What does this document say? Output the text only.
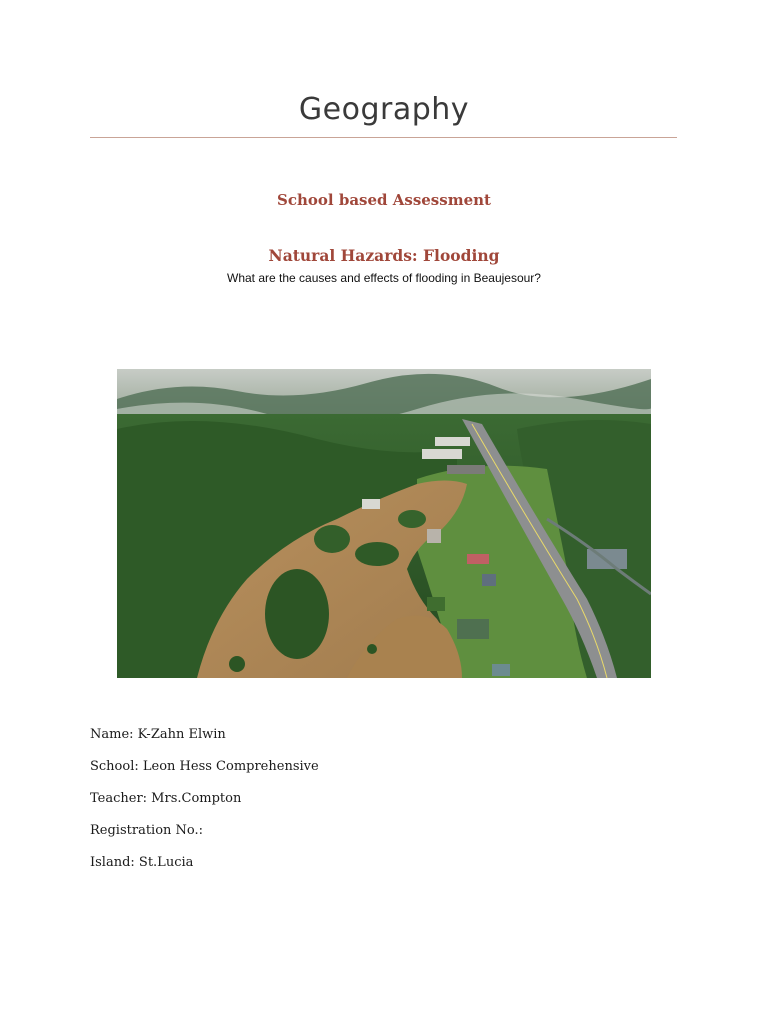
Geography
School based Assessment
Natural Hazards: Flooding
What are the causes and effects of flooding in Beaujesour?
Name: K-Zahn Elwin
School: Leon Hess Comprehensive
Teacher: Mrs.Compton
Registration No.:
Island: St.Lucia
